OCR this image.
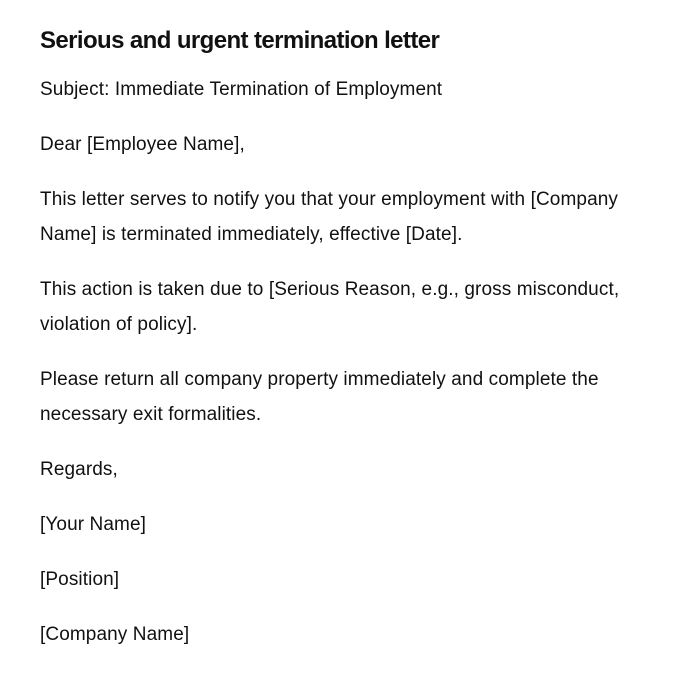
Serious and urgent termination letter

Subject: Immediate Termination of Employment

Dear [Employee Name],

This letter serves to notify you that your employment with [Company Name] is terminated immediately, effective [Date].

This action is taken due to [Serious Reason, e.g., gross misconduct, violation of policy].

Please return all company property immediately and complete the necessary exit formalities.

Regards,

[Your Name]

[Position]

[Company Name]
